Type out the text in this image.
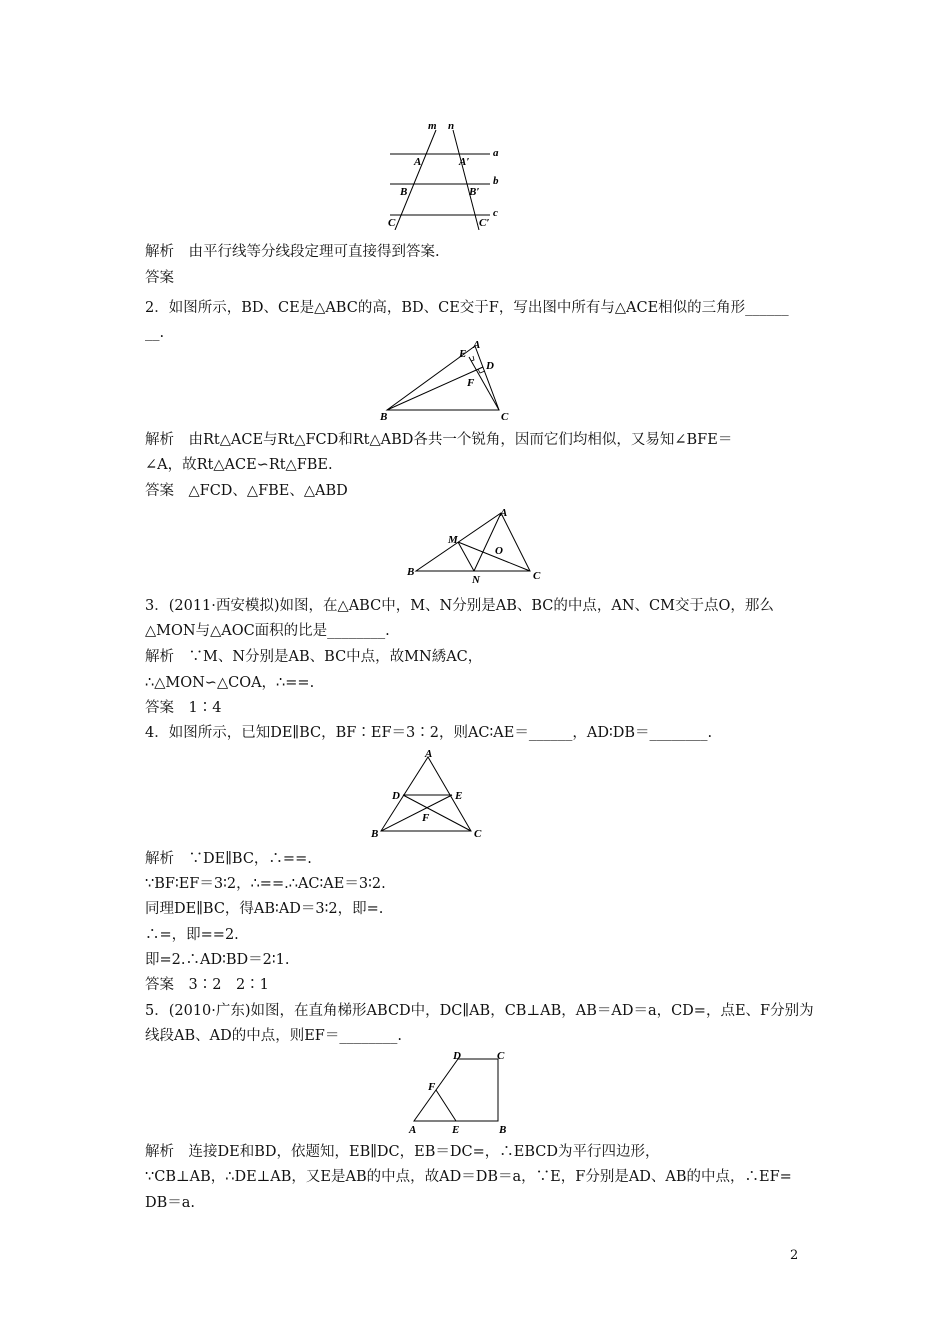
m n
a
b
c
A	A′
B	B′
C	C′
解析　由平行线等分线段定理可直接得到答案.
答案
2．如图所示，BD、CE是△ABC的高，BD、CE交于F，写出图中所有与△ACE相似的三角形______
__.
A
E
D
F
B	C
解析　由Rt△ACE与Rt△FCD和Rt△ABD各共一个锐角，因而它们均相似，又易知∠BFE＝
∠A，故Rt△ACE∽Rt△FBE.
答案　△FCD、△FBE、△ABD
A
M
O
B
N	C
3．(2011·西安模拟)如图，在△ABC中，M、N分别是AB、BC的中点，AN、CM交于点O，那么
△MON与△AOC面积的比是________.
解析　∵M、N分别是AB、BC中点，故MN綉AC，
∴△MON∽△COA，∴==.
答案　1∶4
4．如图所示，已知DE∥BC，BF∶EF＝3∶2，则AC∶AE＝______，AD∶DB＝________.
A
D	E
F
B	C
解析　∵DE∥BC，∴==.
∵BF∶EF＝3∶2，∴==.∴AC∶AE＝3∶2.
同理DE∥BC，得AB∶AD＝3∶2，即=.
∴=，即==2.
即=2.∴AD∶BD＝2∶1.
答案　3∶2　2∶1
5．(2010·广东)如图，在直角梯形ABCD中，DC∥AB，CB⊥AB，AB＝AD＝a，CD=，点E、F分别为
线段AB、AD的中点，则EF＝________.
D	C
F
A	E	B
解析　连接DE和BD，依题知，EB∥DC，EB＝DC=，∴EBCD为平行四边形，
∵CB⊥AB，∴DE⊥AB，又E是AB的中点，故AD＝DB＝a，∵E，F分别是AD、AB的中点，∴EF=
DB＝a.
2
